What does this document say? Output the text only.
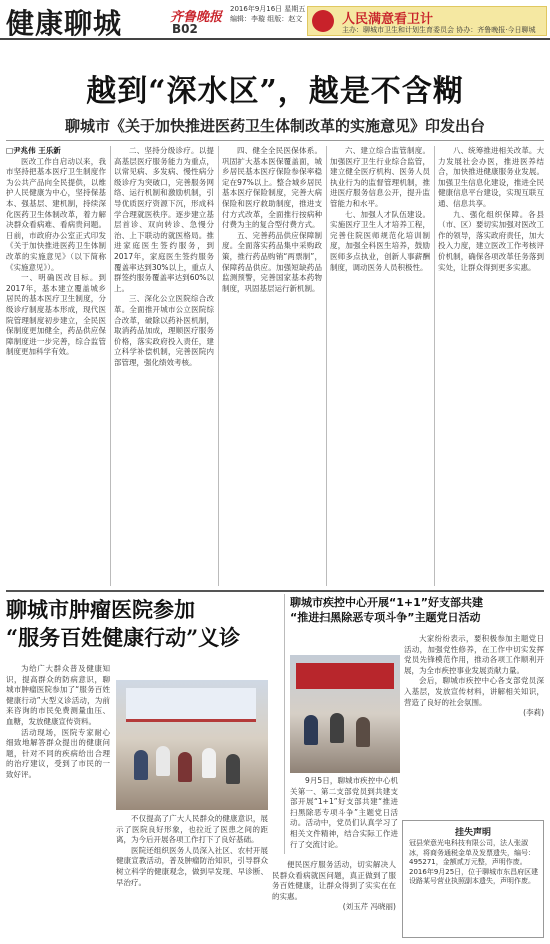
健康聊城	齐鲁晚报
2016年9月16日 星期五
编辑：李璇 组版：赵文
B02
人民满意看卫计
主办：聊城市卫生和计划生育委员会 协办：齐鲁晚报·今日聊城
越到“深水区”，越是不含糊
聊城市《关于加快推进医药卫生体制改革的实施意见》印发出台

□尹兆伟 王乐新

医改工作自启动以来，我市坚持把基本医疗卫生制度作为公共产品向全民提供，以维护人民健康为中心，坚持保基本、强基层、建机制，持续深化医药卫生体制改革，着力解决群众看病难、看病贵问题。日前，市政府办公室正式印发《关于加快推进医药卫生体制改革的实施意见》（以下简称《实施意见》）。

一、明确医改目标。到2017年，基本建立覆盖城乡居民的基本医疗卫生制度，分级诊疗制度基本形成，现代医院管理制度初步建立，全民医保制度更加健全，药品供应保障制度进一步完善，综合监管制度更加科学有效。

二、坚持分级诊疗。以提高基层医疗服务能力为重点，以常见病、多发病、慢性病分级诊疗为突破口，完善服务网络、运行机制和激励机制，引导优质医疗资源下沉，形成科学合理就医秩序。逐步建立基层首诊、双向转诊、急慢分治、上下联动的就医格局。推进家庭医生签约服务，到2017年，家庭医生签约服务覆盖率达到30%以上，重点人群签约服务覆盖率达到60%以上。

三、深化公立医院综合改革。全面推开城市公立医院综合改革，破除以药补医机制，取消药品加成，理顺医疗服务价格，落实政府投入责任，建立科学补偿机制，完善医院内部管理，强化绩效考核。

四、健全全民医保体系。巩固扩大基本医保覆盖面，城乡居民基本医疗保险参保率稳定在97%以上。整合城乡居民基本医疗保险制度，完善大病保险和医疗救助制度，推进支付方式改革，全面推行按病种付费为主的复合型付费方式。

五、完善药品供应保障制度。全面落实药品集中采购政策，推行药品购销“两票制”，保障药品供应。加强短缺药品监测预警，完善国家基本药物制度，巩固基层运行新机制。

六、建立综合监管制度。加强医疗卫生行业综合监管，建立健全医疗机构、医务人员执业行为的监督管理机制，推进医疗服务信息公开，提升监管能力和水平。

七、加强人才队伍建设。实施医疗卫生人才培养工程，完善住院医师规范化培训制度，加强全科医生培养，鼓励医师多点执业，创新人事薪酬制度，调动医务人员积极性。

八、统筹推进相关改革。大力发展社会办医，推进医养结合，加快推进健康服务业发展。加强卫生信息化建设，推进全民健康信息平台建设，实现互联互通、信息共享。

九、强化组织保障。各县（市、区）要切实加强对医改工作的领导，落实政府责任，加大投入力度，建立医改工作考核评价机制，确保各项改革任务落到实处，让群众得到更多实惠。

聊城市肿瘤医院参加
“服务百姓健康行动”义诊

为给广大群众普及健康知识，提高群众的防病意识，聊城市肿瘤医院参加了“服务百姓健康行动”大型义诊活动，为前来咨询的市民免费测量血压、血糖，发放健康宣传资料。

活动现场，医院专家耐心细致地解答群众提出的健康问题，针对不同的疾病给出合理的治疗建议，受到了市民的一致好评。

不仅提高了广大人民群众的健康意识，展示了医院良好形象，也拉近了医患之间的距离，为今后开展各项工作打下了良好基础。

医院还组织医务人员深入社区、农村开展健康宣教活动，普及肿瘤防治知识，引导群众树立科学的健康观念，做到早发现、早诊断、早治疗。

便民医疗服务活动，切实解决人民群众看病就医问题，真正做到了服务百姓健康，让群众得到了实实在在的实惠。

(刘玉芹 冯晓丽)

聊城市疾控中心开展“1+1”好支部共建
“推进扫黑除恶专项斗争”主题党日活动

大家纷纷表示，要积极参加主题党日活动，加强党性修养，在工作中切实发挥党员先锋模范作用，推动各项工作顺利开展，为全市疾控事业发展贡献力量。

会后，聊城市疾控中心各支部党员深入基层，发放宣传材料，讲解相关知识，营造了良好的社会氛围。

(李莉)

9月5日，聊城市疾控中心机关第一、第二支部党员到共建支部开展“1+1”好支部共建“推进扫黑除恶专项斗争”主题党日活动。活动中，党员们认真学习了相关文件精神，结合实际工作进行了交流讨论。

挂失声明
冠县荣意光电科技有限公司，法人张淑冰，将商务通税金单及发票遗失，编号：495271，金额贰万元整，声明作废。2016年9月25日，位于聊城市东昌府区建设路某号营业执照副本遗失，声明作废。
